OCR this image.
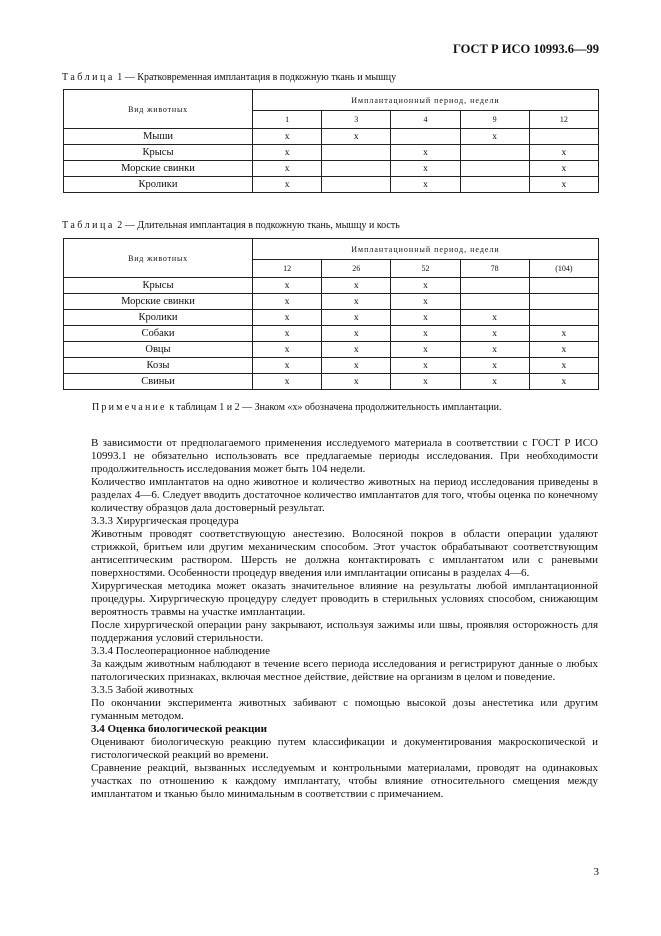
ГОСТ Р ИСО 10993.6—99
Таблица 1 — Кратковременная имплантация в подкожную ткань и мышцу
Вид животных	Имплантационный период, недели				
	1	3	4	9	12
Мыши	x	x		x	
Крысы	x		x		x
Морские свинки	x		x		x
Кролики	x		x		x
Таблица 2 — Длительная имплантация в подкожную ткань, мышцу и кость
Вид животных	Имплантационный период, недели				
	12	26	52	78	(104)
Крысы	x	x	x		
Морские свинки	x	x	x		
Кролики	x	x	x	x	
Собаки	x	x	x	x	x
Овцы	x	x	x	x	x
Козы	x	x	x	x	x
Свиньи	x	x	x	x	x
Примечание к таблицам 1 и 2 — Знаком «x» обозначена продолжительность имплантации.

В зависимости от предполагаемого применения исследуемого материала в соответствии с ГОСТ Р ИСО 10993.1 не обязательно использовать все предлагаемые периоды исследования. При необходимости продолжительность исследования может быть 104 недели.

Количество имплантатов на одно животное и количество животных на период исследования приведены в разделах 4—6. Следует вводить достаточное количество имплантатов для того, чтобы оценка по конечному количеству образцов дала достоверный результат.

3.3.3 Хирургическая процедура

Животным проводят соответствующую анестезию. Волосяной покров в области операции удаляют стрижкой, бритьем или другим механическим способом. Этот участок обрабатывают соответствующим антисептическим раствором. Шерсть не должна контактировать с имплантатом или с раневыми поверхностями. Особенности процедур введения или имплантации описаны в разделах 4—6.

Хирургическая методика может оказать значительное влияние на результаты любой имплантационной процедуры. Хирургическую процедуру следует проводить в стерильных условиях способом, снижающим вероятность травмы на участке имплантации.

После хирургической операции рану закрывают, используя зажимы или швы, проявляя осторожность для поддержания условий стерильности.

3.3.4 Послеоперационное наблюдение

За каждым животным наблюдают в течение всего периода исследования и регистрируют данные о любых патологических признаках, включая местное действие, действие на организм в целом и поведение.

3.3.5 Забой животных

По окончании эксперимента животных забивают с помощью высокой дозы анестетика или другим гуманным методом.

3.4 Оценка биологической реакции

Оценивают биологическую реакцию путем классификации и документирования макроскопической и гистологической реакций во времени.

Сравнение реакций, вызванных исследуемым и контрольными материалами, проводят на одинаковых участках по отношению к каждому имплантату, чтобы влияние относительного смещения между имплантатом и тканью было минимальным в соответствии с примечанием.

3
